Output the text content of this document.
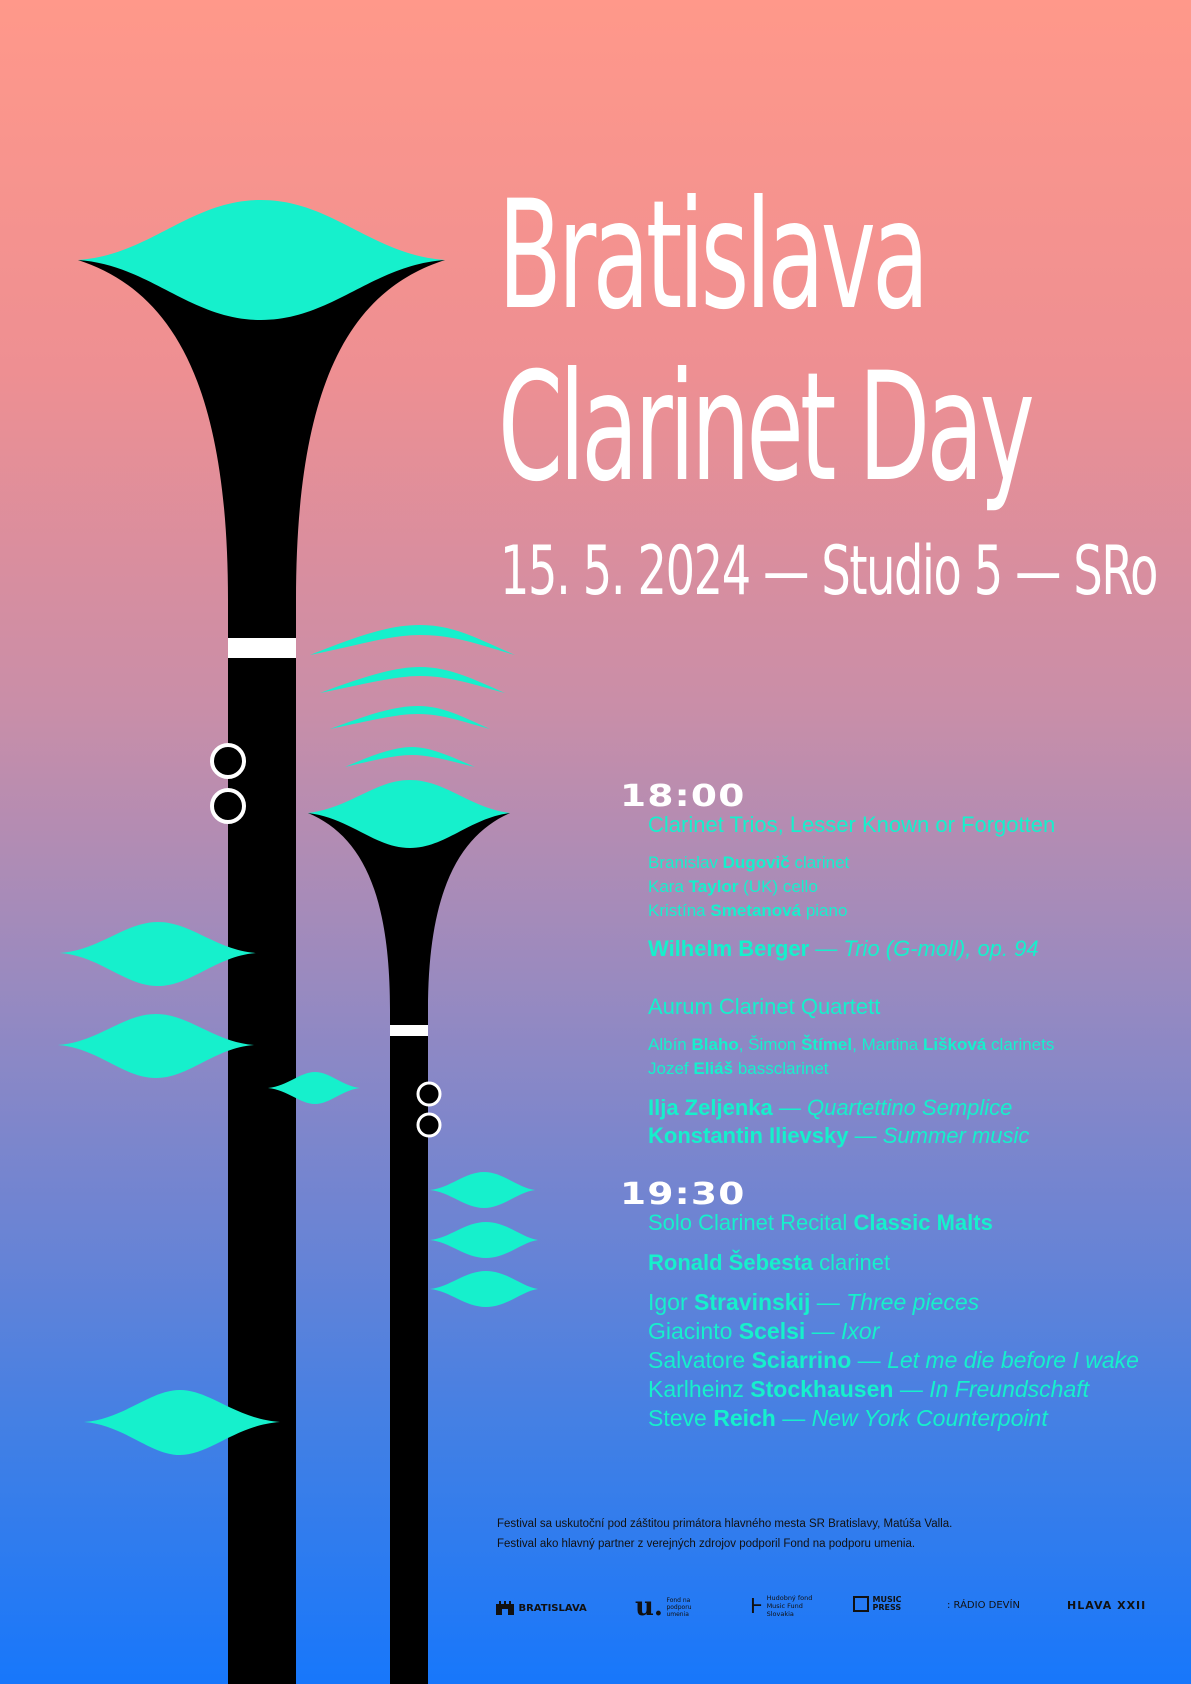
Bratislava
Clarinet Day
15. 5. 2024 — Studio 5 — SRo
18:00
Clarinet Trios, Lesser Known or Forgotten
Branislav Dugovič clarinet
Kara Taylor (UK) cello
Kristína Smetanová piano
Wilhelm Berger — Trio (G-moll), op. 94
Aurum Clarinet Quartett
Albín Blaho, Šimon Štímel, Martina Lišková clarinets
Jozef Eliáš bassclarinet
Ilja Zeljenka — Quartettino Semplice
Konstantin Ilievsky — Summer music
19:30
Solo Clarinet Recital Classic Malts
Ronald Šebesta clarinet
Igor Stravinskij — Three pieces
Giacinto Scelsi — Ixor
Salvatore Sciarrino — Let me die before I wake
Karlheinz Stockhausen — In Freundschaft
Steve Reich — New York Counterpoint
Festival sa uskutoční pod záštitou primátora hlavného mesta SR Bratislavy, Matúša Valla.
Festival ako hlavný partner z verejných zdrojov podporil Fond na podporu umenia.
BRATISLAVA u. Fond na podporu umenia	Ⱶ Hudobný fond Music Fund Slovakia
MUSIC PRESS	: RÁDIO DEVÍN	HLAVA XXII
